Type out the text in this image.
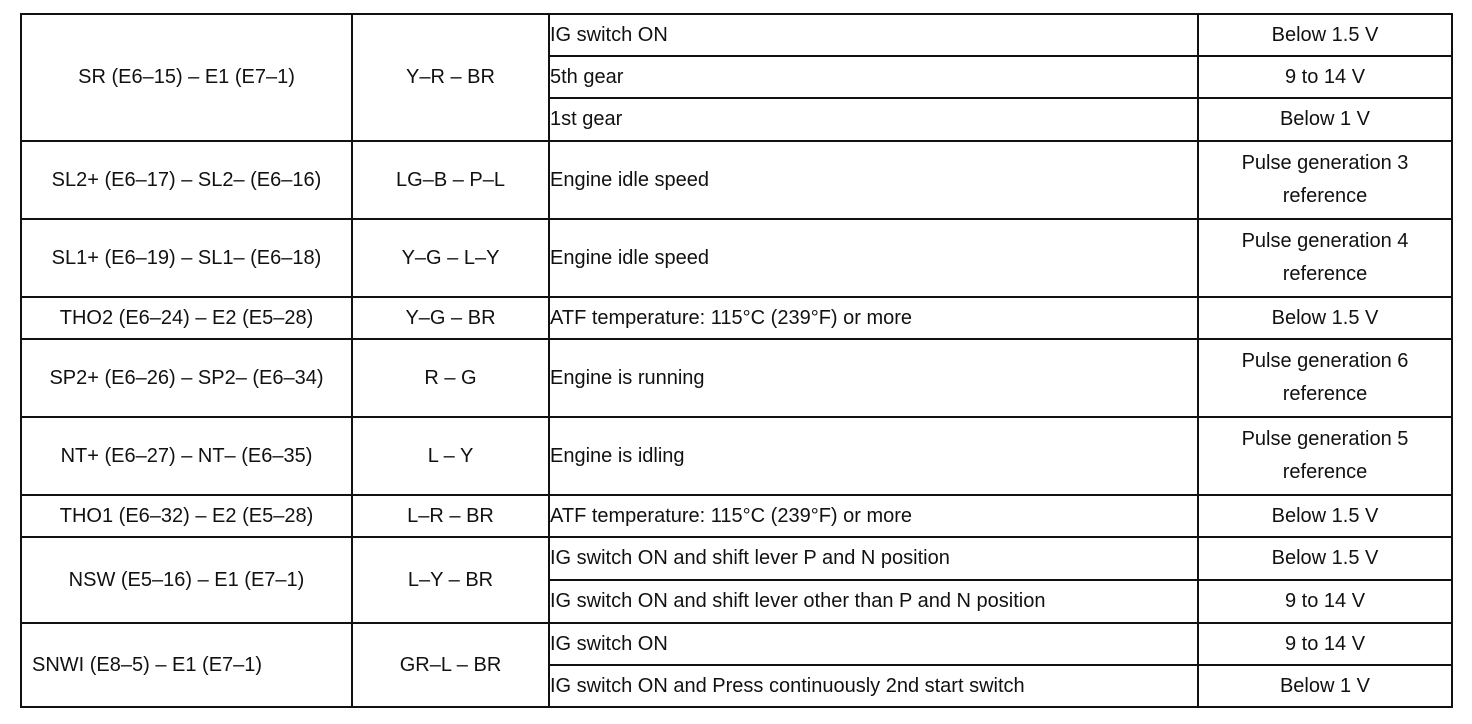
SR (E6–15) – E1 (E7–1)	Y–R – BR	IG switch ON	Below 1.5 V
		5th gear	9 to 14 V
		1st gear	Below 1 V
SL2+ (E6–17) – SL2– (E6–16)	LG–B – P–L	Engine idle speed	Pulse generation 3 reference
SL1+ (E6–19) – SL1– (E6–18)	Y–G – L–Y	Engine idle speed	Pulse generation 4 reference
THO2 (E6–24) – E2 (E5–28)	Y–G – BR	ATF temperature: 115°C (239°F) or more	Below 1.5 V
SP2+ (E6–26) – SP2– (E6–34)	R – G	Engine is running	Pulse generation 6 reference
NT+ (E6–27) – NT– (E6–35)	L – Y	Engine is idling	Pulse generation 5 reference
THO1 (E6–32) – E2 (E5–28)	L–R – BR	ATF temperature: 115°C (239°F) or more	Below 1.5 V
NSW (E5–16) – E1 (E7–1)	L–Y – BR	IG switch ON and shift lever P and N position	Below 1.5 V
		IG switch ON and shift lever other than P and N position	9 to 14 V
SNWI (E8–5) – E1 (E7–1)	GR–L – BR	IG switch ON	9 to 14 V
		IG switch ON and Press continuously 2nd start switch	Below 1 V
